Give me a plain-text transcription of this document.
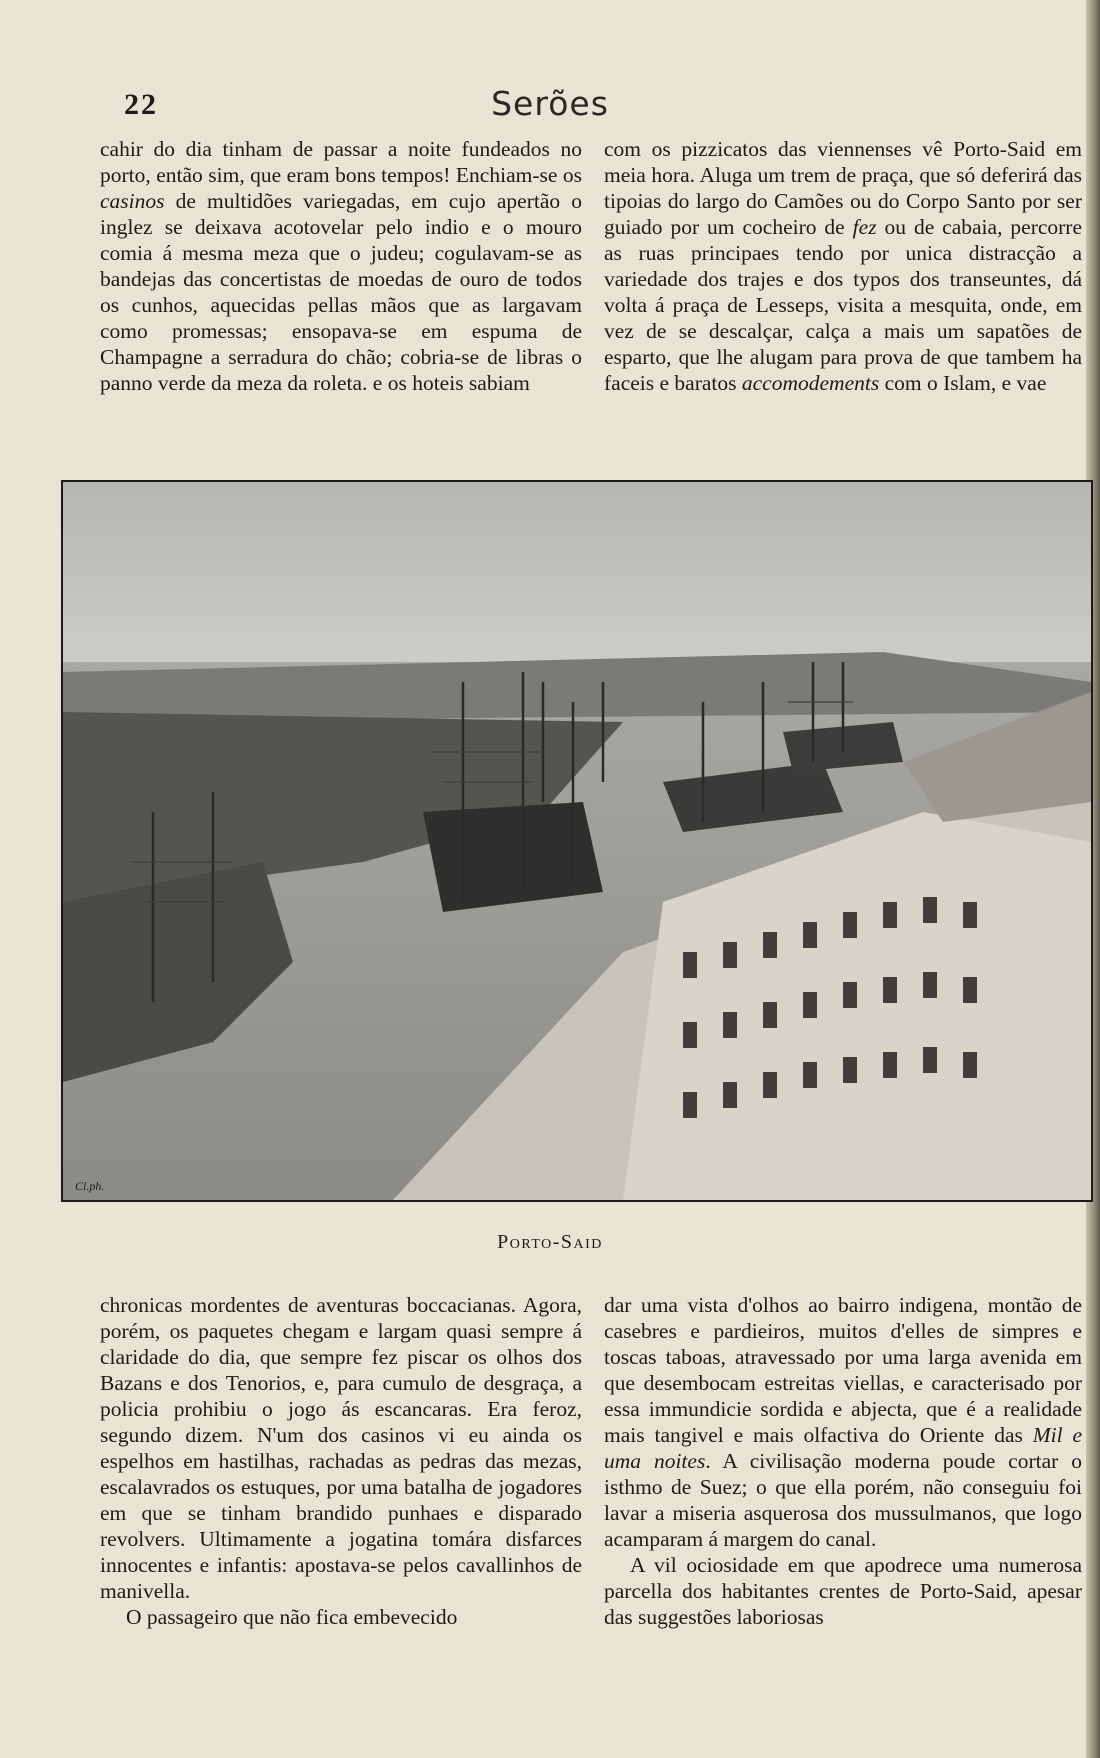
22	Serões

cahir do dia tinham de passar a noite fundeados no porto, então sim, que eram bons tempos! Enchiam-se os casinos de multidões variegadas, em cujo apertão o inglez se deixava acotovelar pelo indio e o mouro comia á mesma meza que o judeu; cogulavam-se as bandejas das concertistas de moedas de ouro de todos os cunhos, aquecidas pellas mãos que as largavam como promessas; ensopava-se em espuma de Champagne a serradura do chão; cobria-se de libras o panno verde da meza da roleta. e os hoteis sabiam

com os pizzicatos das viennenses vê Porto-Said em meia hora. Aluga um trem de praça, que só deferirá das tipoias do largo do Camões ou do Corpo Santo por ser guiado por um cocheiro de fez ou de cabaia, percorre as ruas principaes tendo por unica distracção a variedade dos trajes e dos typos dos transeuntes, dá volta á praça de Lesseps, visita a mesquita, onde, em vez de se descalçar, calça a mais um sapatões de esparto, que lhe alugam para prova de que tambem ha faceis e baratos accomodements com o Islam, e vae

Cl.ph.
Porto-Said

chronicas mordentes de aventuras boccacianas. Agora, porém, os paquetes chegam e largam quasi sempre á claridade do dia, que sempre fez piscar os olhos dos Bazans e dos Tenorios, e, para cumulo de desgraça, a policia prohibiu o jogo ás escancaras. Era feroz, segundo dizem. N'um dos casinos vi eu ainda os espelhos em hastilhas, rachadas as pedras das mezas, escalavrados os estuques, por uma batalha de jogadores em que se tinham brandido punhaes e disparado revolvers. Ultimamente a jogatina tomára disfarces innocentes e infantis: apostava-se pelos cavallinhos de manivella.

O passageiro que não fica embevecido

dar uma vista d'olhos ao bairro indigena, montão de casebres e pardieiros, muitos d'elles de simpres e toscas taboas, atravessado por uma larga avenida em que desembocam estreitas viellas, e caracterisado por essa immundicie sordida e abjecta, que é a realidade mais tangivel e mais olfactiva do Oriente das Mil e uma noites. A civilisação moderna poude cortar o isthmo de Suez; o que ella porém, não conseguiu foi lavar a miseria asquerosa dos mussulmanos, que logo acamparam á margem do canal.

A vil ociosidade em que apodrece uma numerosa parcella dos habitantes crentes de Porto-Said, apesar das suggestões laboriosas
